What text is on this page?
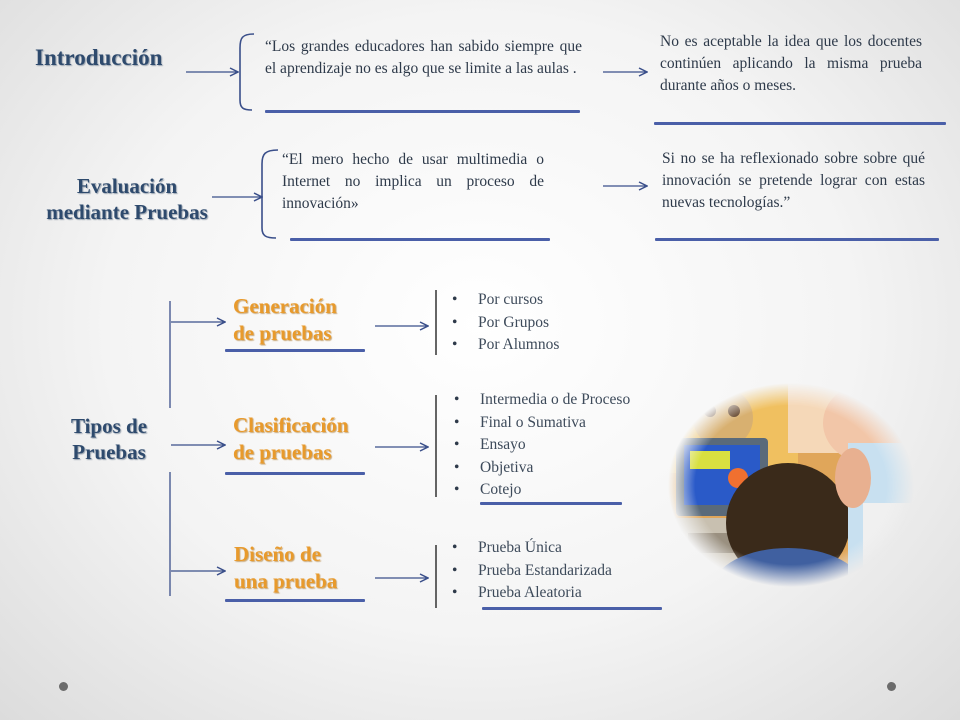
Introducción	“Los grandes educadores han sabido siempre que el aprendizaje no es algo que se limite a las aulas .
No es aceptable la idea que los docentes continúen aplicando la misma prueba durante años o meses.
Evaluación
mediante Pruebas
“El mero hecho de usar multimedia o Internet no implica un proceso de innovación»
Si no se ha reflexionado sobre sobre qué innovación se pretende lograr con estas nuevas tecnologías.”
Tipos de
Pruebas
Generación
de pruebas
• Por cursos
• Por Grupos
• Por Alumnos
Clasificación
de pruebas
• Intermedia o de Proceso
• Final o Sumativa
• Ensayo
• Objetiva
• Cotejo
Diseño de
una prueba
• Prueba Única
• Prueba Estandarizada
• Prueba Aleatoria
